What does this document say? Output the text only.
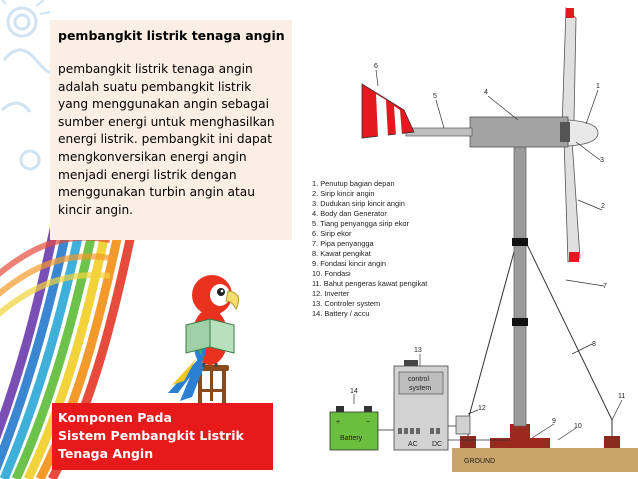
pembangkit listrik tenaga angin
pembangkit listrik tenaga angin
adalah suatu pembangkit listrik
yang menggunakan angin sebagai
sumber energi untuk menghasilkan
energi listrik. pembangkit ini dapat
mengkonversikan energi angin
menjadi energi listrik dengan
menggunakan turbin angin atau
kincir angin.
Komponen Pada
Sistem Pembangkit Listrik
Tenaga Angin
GROUND
6
5
4
1
3
2
7
8
11
9
10
12
13
14
1. Penutup bagian depan
2. Sirip kincir angin
3. Dudukan sirip kincir angin
4. Body dan Generator
5. Tiang penyangga sirip ekor
6. Sirip ekor
7. Pipa penyangga
8. Kawat pengikat
9. Fondasi kincir angin
10. Fondasi
11. Bahut pengeras kawat pengikat
12. Inverter
13. Controler system
14. Battery / accu
control
system
AC DC
+	−
Battery
